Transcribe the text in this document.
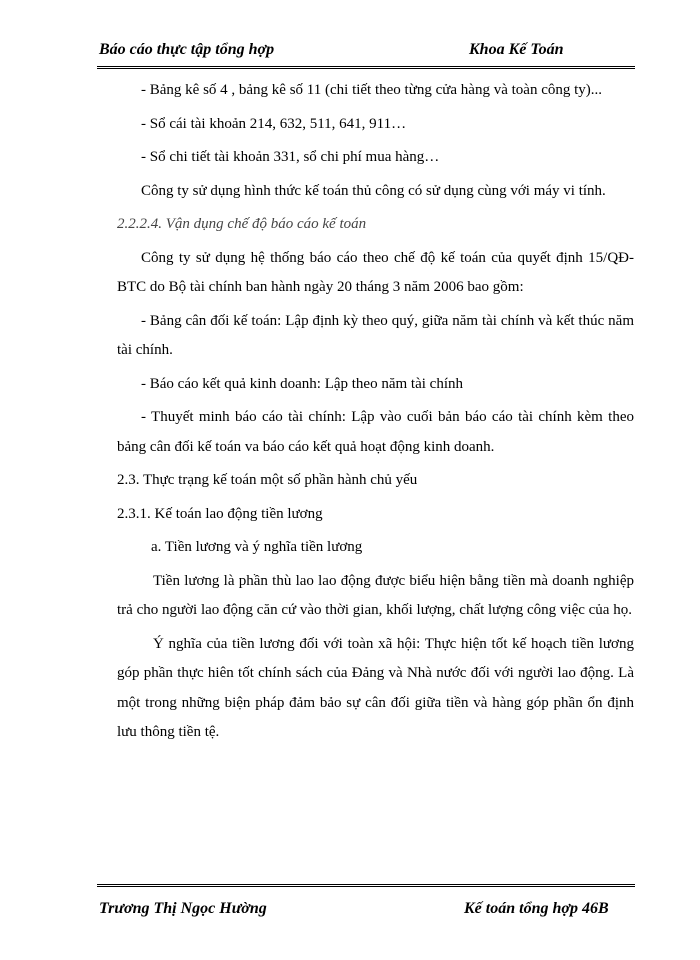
Báo cáo thực tập tổng hợp	Khoa Kế Toán

- Bảng kê số 4 , bảng kê số 11 (chi tiết theo từng cửa hàng và toàn công ty)...

- Sổ cái tài khoản 214, 632, 511, 641, 911…

- Sổ chi tiết tài khoản 331, sổ chi phí mua hàng…

Công ty sử dụng hình thức kế toán thủ công có sử dụng cùng với máy vi tính.

2.2.2.4. Vận dụng chế độ báo cáo kế toán

Công ty sử dụng hệ thống báo cáo theo chế độ kế toán của quyết định 15/QĐ-BTC do Bộ tài chính ban hành ngày 20 tháng 3 năm 2006 bao gồm:

- Bảng cân đối kế toán: Lập định kỳ theo quý, giữa năm tài chính và kết thúc năm tài chính.

- Báo cáo kết quả kinh doanh: Lập theo năm tài chính

- Thuyết minh báo cáo tài chính: Lập vào cuối bản báo cáo tài chính kèm theo bảng cân đối kế toán va báo cáo kết quả hoạt động kinh doanh.

2.3. Thực trạng kế toán một số phần hành chủ yếu

2.3.1. Kế toán lao động tiền lương

a. Tiền lương và ý nghĩa tiền lương

Tiền lương là phần thù lao lao động được biểu hiện bằng tiền mà doanh nghiệp trả cho người lao động căn cứ vào thời gian, khối lượng, chất lượng công việc của họ.

Ý nghĩa của tiền lương đối với toàn xã hội: Thực hiện tốt kế hoạch tiền lương góp phần thực hiên tốt chính sách của Đảng và Nhà nước đối với người lao động. Là một trong những biện pháp đảm bảo sự cân đối giữa tiền và hàng góp phần ổn định lưu thông tiền tệ.

Trương Thị Ngọc Hường	Kế toán tổng hợp 46B
